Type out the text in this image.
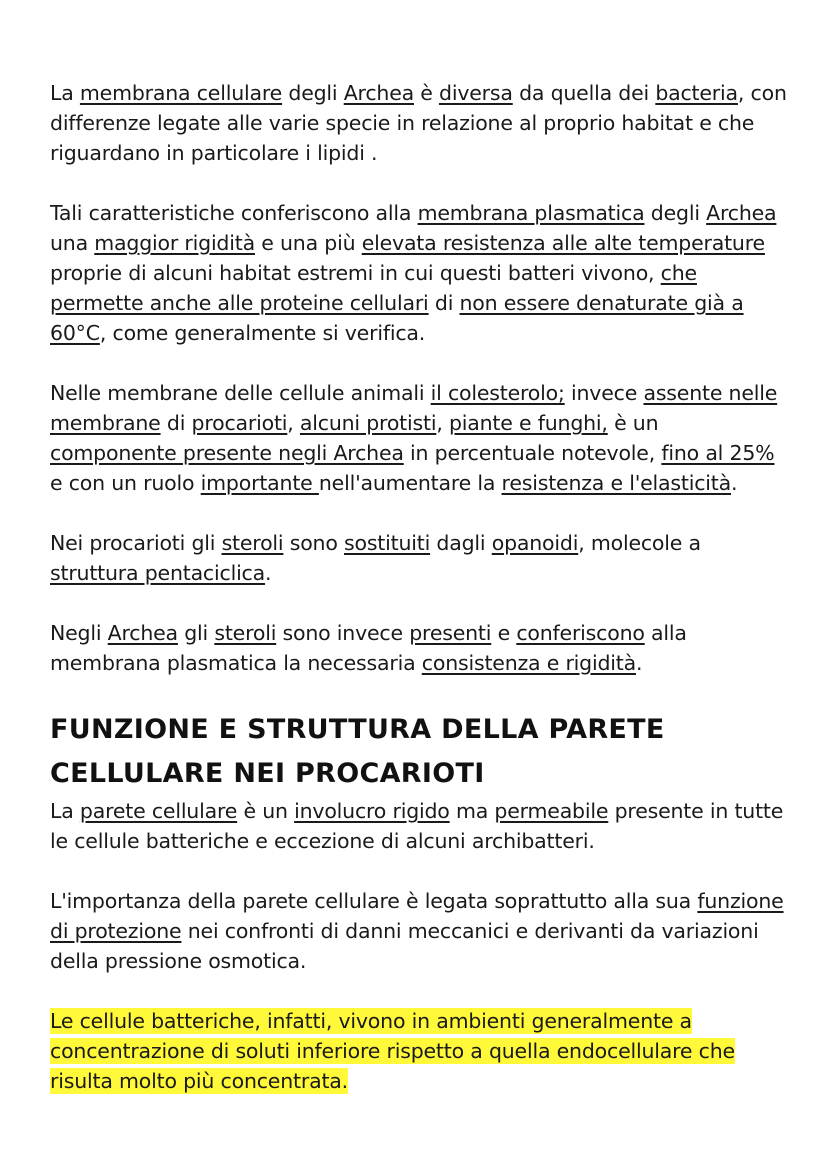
La membrana cellulare degli Archea è diversa da quella dei bacteria, con differenze legate alle varie specie in relazione al proprio habitat e che riguardano in particolare i lipidi .

Tali caratteristiche conferiscono alla membrana plasmatica degli Archea una maggior rigidità e una più elevata resistenza alle alte temperature proprie di alcuni habitat estremi in cui questi batteri vivono, che permette anche alle proteine cellulari di non essere denaturate già a 60°C, come generalmente si verifica.

Nelle membrane delle cellule animali il colesterolo; invece assente nelle membrane di procarioti, alcuni protisti, piante e funghi, è un componente presente negli Archea in percentuale notevole, fino al 25% e con un ruolo importante nell'aumentare la resistenza e l'elasticità.

Nei procarioti gli steroli sono sostituiti dagli opanoidi, molecole a struttura pentaciclica.

Negli Archea gli steroli sono invece presenti e conferiscono alla membrana plasmatica la necessaria consistenza e rigidità.

FUNZIONE E STRUTTURA DELLA PARETE CELLULARE NEI PROCARIOTI

La parete cellulare è un involucro rigido ma permeabile presente in tutte le cellule batteriche e eccezione di alcuni archibatteri.

L'importanza della parete cellulare è legata soprattutto alla sua funzione di protezione nei confronti di danni meccanici e derivanti da variazioni della pressione osmotica.

Le cellule batteriche, infatti, vivono in ambienti generalmente a concentrazione di soluti inferiore rispetto a quella endocellulare che risulta molto più concentrata.
